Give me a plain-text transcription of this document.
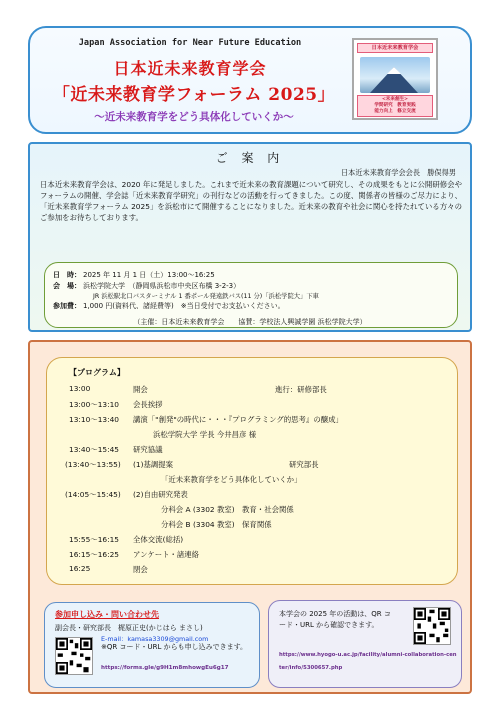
Japan Association for Near Future Education
日本近未来教育学会
「近未来教育学フォーラム 2025」
～近未来教育学をどう具体化していくか～
日本近未来教育学会
<未来創生>
学問研究　教育実践
能力向上　修立交流
ご 案 内
日本近未来教育学会会長　勝俣得男
日本近未来教育学会は、2020 年に発足しました。これまで近未来の教育課題について研究し、その成果をもとに公開研修会やフォーラムの開催、学会誌「近未来教育学研究」の刊行などの活動を行ってきました。この度、関係者の皆様のご尽力により、「近未来教育学フォーラム 2025」を浜松市にて開催することになりました。近未来の教育や社会に関心を持たれている方々のご参加をお待ちしております。
日　時： 2025 年 11 月 1 日（土）13:00～16:25
会　場： 浜松学院大学　（静岡県浜松市中央区布橋 3-2-3）
JR 浜松駅北口バスターミナル 1 番ポール発遠鉄バス(11 分)「浜松学院大」下車
参加費： 1,000 円(資料代、諸経費等)　※当日受付でお支払いください。
（主催：日本近未来教育学会　　協賛：学校法人興誠学園 浜松学院大学）
【プログラム】
13:00	開会	進行：研修部長
13:00～13:10 会長挨拶
13:10～13:40 講演「"創発"の時代に・・・『プログラミング的思考』の醸成」
浜松学院大学 学長 今井昌彦 様
13:40～15:45 研究協議
(13:40～13:55) (1)基調提案	研究部長
「近未来教育学をどう具体化していくか」
(14:05～15:45) (2)自由研究発表
分科会 A (3302 教室)　教育・社会関係
分科会 B (3304 教室)　保育関係
15:55～16:15 全体交流(総括)
16:15～16:25 アンケート・諸連絡
16:25	閉会
参加申し込み・問い合わせ先
副会長・研究部長　梶原正史(かじはら まさし)
E-mail：kamasa3309@gmail.com
※QR コード・URL からも申し込みできます。
https://forms.gle/g9H1m8mhowgEu6g17
本学会の 2025 年の活動は、QR コード・URL から確認できます。
https://www.hyogo-u.ac.jp/facility/alumni-collaboration-center/info/5300657.php
